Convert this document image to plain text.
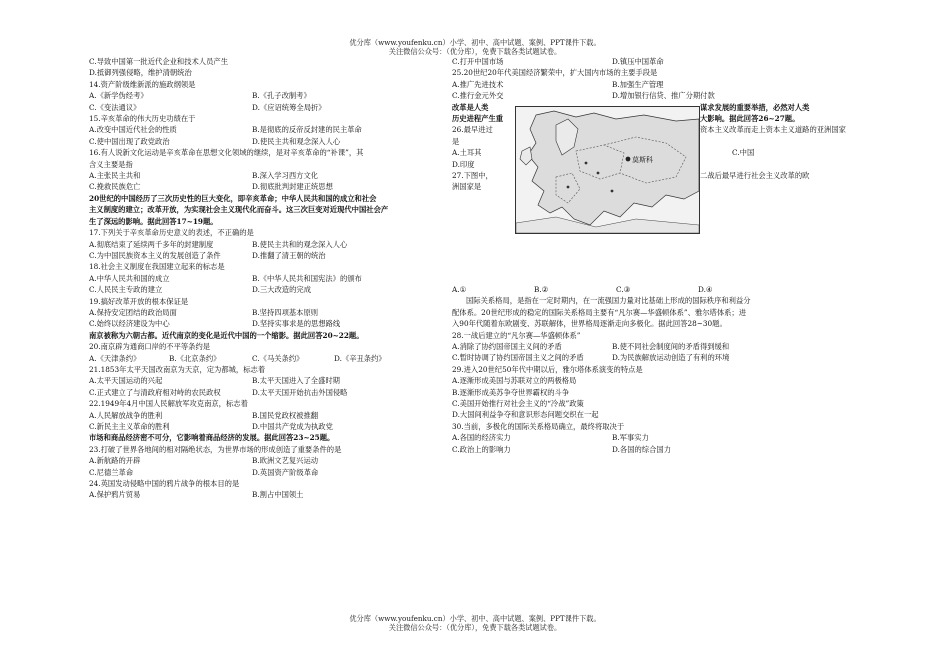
优分库（www.youfenku.cn）小学、初中、高中试题、案例、PPT课件下载。
关注微信公众号：（优分库），免费下载各类试题试卷。
C.导致中国第一批近代企业和技术人员产生
D.抵御列强侵略，维护清朝统治
14.资产阶级维新派的施政纲领是
A.《新学伪经考》	B.《孔子改制考》
C.《变法通议》	D.《应诏统筹全局折》
15.辛亥革命的伟大历史功绩在于
A.改变中国近代社会的性质	B.是彻底的反帝反封建的民主革命
C.使中国出现了政党政治	D.使民主共和观念深入人心
16.有人说新文化运动是辛亥革命在思想文化领域的继续，是对辛亥革命的“补课”，其
含义主要是指
A.主张民主共和	B.深入学习西方文化
C.挽救民族危亡	D.彻底批判封建正统思想
20世纪的中国经历了三次历史性的巨大变化，即辛亥革命；中华人民共和国的成立和社会
主义制度的建立；改革开放，为实现社会主义现代化而奋斗。这三次巨变对近现代中国社会产
生了深远的影响。据此回答17~19题。
17.下列关于辛亥革命历史意义的表述，不正确的是
A.彻底结束了延续两千多年的封建制度	B.使民主共和的观念深入人心
C.为中国民族资本主义的发展创造了条件	D.推翻了清王朝的统治
18.社会主义制度在我国建立起来的标志是
A.中华人民共和国的成立	B.《中华人民共和国宪法》的颁布
C.人民民主专政的建立	D.三大改造的完成
19.搞好改革开放的根本保证是
A.保持安定团结的政治局面	B.坚持四项基本原则
C.始终以经济建设为中心	D.坚持实事求是的思想路线
南京被称为六朝古都。近代南京的变化是近代中国的一个缩影。据此回答20~22题。
20.南京辟为通商口岸的不平等条约是
A.《天津条约》	B.《北京条约》	C.《马关条约》	D.《辛丑条约》
21.1853年太平天国改南京为天京，定为都城，标志着
A.太平天国运动的兴起	B.太平天国进入了全盛时期
C.正式建立了与清政府相对峙的农民政权	D.太平天国开始抗击外国侵略
22.1949年4月中国人民解放军攻克南京，标志着
A.人民解放战争的胜利	B.国民党政权被推翻
C.新民主主义革命的胜利	D.中国共产党成为执政党
市场和商品经济密不可分，它影响着商品经济的发展。据此回答23~25题。
23.打破了世界各地间的相对隔绝状态，为世界市场的形成创造了重要条件的是
A.新航路的开辟	B.欧洲文艺复兴运动
C.尼德兰革命	D.英国资产阶级革命
24.英国发动侵略中国的鸦片战争的根本目的是
A.保护鸦片贸易	B.割占中国领土
C.打开中国市场	D.镇压中国革命
25.20世纪20年代美国经济繁荣中，扩大国内市场的主要手段是
A.推广先进技术	B.加强生产管理
C.推行金元外交	D.增加银行信贷、推广分期付款
改革是人类	谋求发展的重要举措，必然对人类
历史进程产生重	大影响。据此回答26~27题。
26.最早进过	资本主义改革而走上资本主义道路的亚洲国家
是
A.土耳其	C.中国
D.印度
27.下图中，	二战后最早进行社会主义改革的欧
洲国家是
A.①	B.②	C.③	D.④
国际关系格局，是指在一定时期内，在一流强国力量对比基础上形成的国际秩序和利益分
配体系。20世纪形成的稳定的国际关系格局主要有“凡尔赛—华盛顿体系”、雅尔塔体系；进
入90年代随着东欧剧变、苏联解体，世界格局逐渐走向多极化。据此回答28~30题。
28.一战后建立的“凡尔赛—华盛顿体系”
A.消除了协约国帝国主义间的矛盾	B.使不同社会制度间的矛盾得到缓和
C.暂时协调了协约国帝国主义之间的矛盾	D.为民族解放运动创造了有利的环境
29.进入20世纪50年代中期以后，雅尔塔体系演变的特点是
A.逐渐形成美国与苏联对立的两极格局
B.逐渐形成美苏争夺世界霸权的斗争
C.美国开始推行对社会主义的“冷战”政策
D.大国间利益争夺和意识形态问题交织在一起
30.当前，多极化的国际关系格局确立，最终将取决于
A.各国的经济实力	B.军事实力
C.政治上的影响力	D.各国的综合国力
莫斯科
优分库（www.youfenku.cn）小学、初中、高中试题、案例、PPT课件下载。
关注微信公众号：（优分库），免费下载各类试题试卷。
